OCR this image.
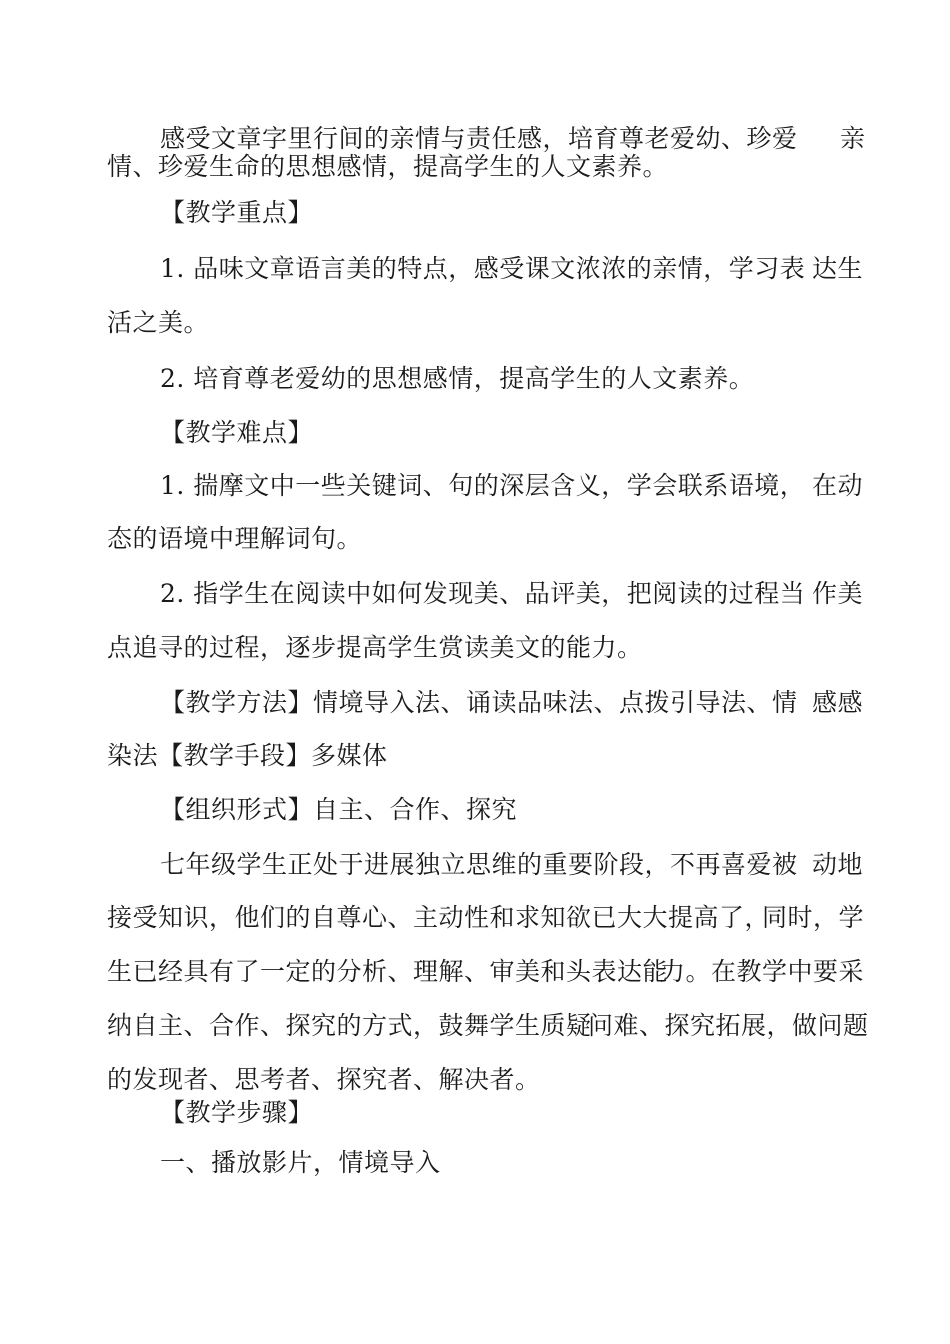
感受文章字里行间的亲情与责任感，培育尊老爱幼、珍爱 亲
情、珍爱生命的思想感情，提高学生的人文素养。
【教学重点】
1. 品味文章语言美的特点，感受课文浓浓的亲情，学习表 达生
活之美。
2. 培育尊老爱幼的思想感情，提高学生的人文素养。
【教学难点】
1. 揣摩文中一些关键词、句的深层含义，学会联系语境， 在动
态的语境中理解词句。
2. 指学生在阅读中如何发现美、品评美，把阅读的过程当 作美
点追寻的过程，逐步提高学生赏读美文的能力。
【教学方法】情境导入法、诵读品味法、点拨引导法、情 感感
染法【教学手段】多媒体
【组织形式】自主、合作、探究
七年级学生正处于进展独立思维的重要阶段，不再喜爱被 动地
接受知识，他们的自尊心、主动性和求知欲已大大提高了，
同时，学
生已经具有了一定的分析、理解、审美和头表达能
力。在教学中要采
纳自主、合作、探究的方式，鼓舞学生质疑
问难、探究拓展，做问题
的发现者、思考者、探究者、解决者。
【教学步骤】
一、播放影片，情境导入
